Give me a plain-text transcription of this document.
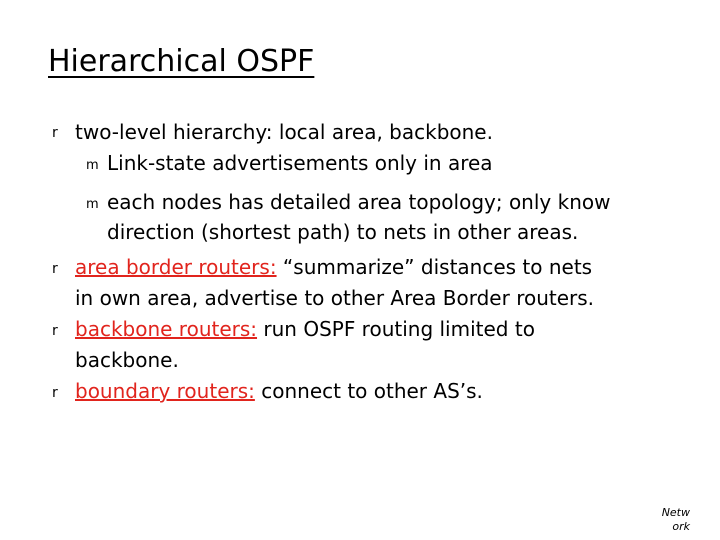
Hierarchical OSPF
r two-level hierarchy: local area, backbone.
m Link-state advertisements only in area
m each nodes has detailed area topology; only know
direction (shortest path) to nets in other areas.
r area border routers: “summarize” distances to nets
in own area, advertise to other Area Border routers.
r backbone routers: run OSPF routing limited to
backbone.
r boundary routers: connect to other AS’s.
Netw
ork
